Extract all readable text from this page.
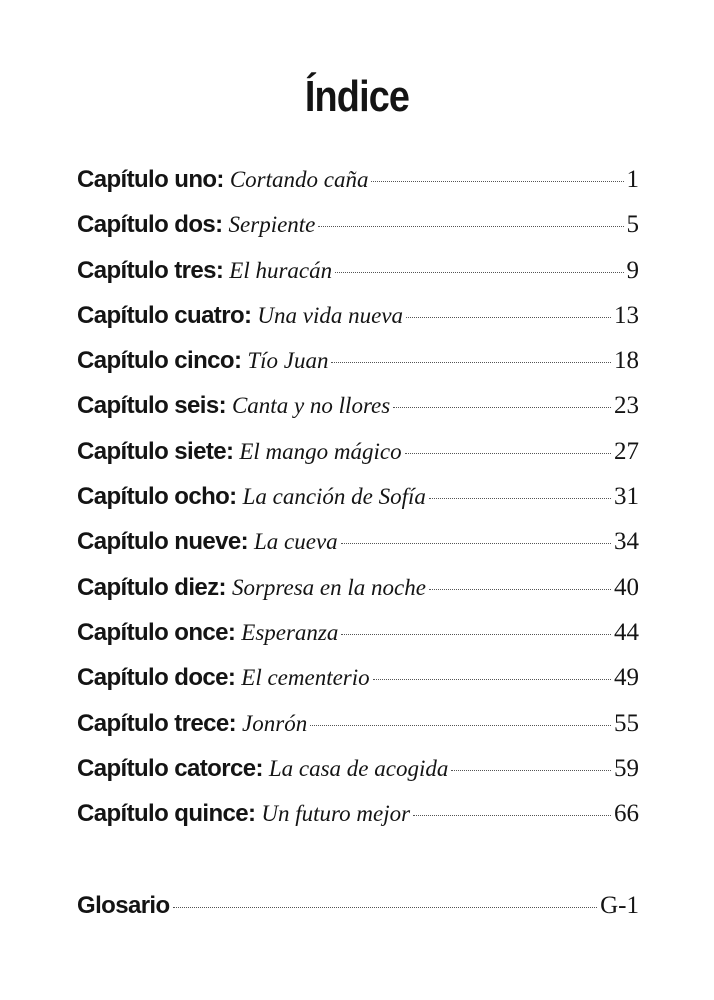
Índice
Capítulo uno: Cortando caña	1
Capítulo dos: Serpiente	5
Capítulo tres: El huracán	9
Capítulo cuatro: Una vida nueva	13
Capítulo cinco: Tío Juan	18
Capítulo seis: Canta y no llores	23
Capítulo siete: El mango mágico	27
Capítulo ocho: La canción de Sofía	31
Capítulo nueve: La cueva	34
Capítulo diez: Sorpresa en la noche	40
Capítulo once: Esperanza	44
Capítulo doce: El cementerio	49
Capítulo trece: Jonrón	55
Capítulo catorce: La casa de acogida	59
Capítulo quince: Un futuro mejor	66
Glosario	G-1
